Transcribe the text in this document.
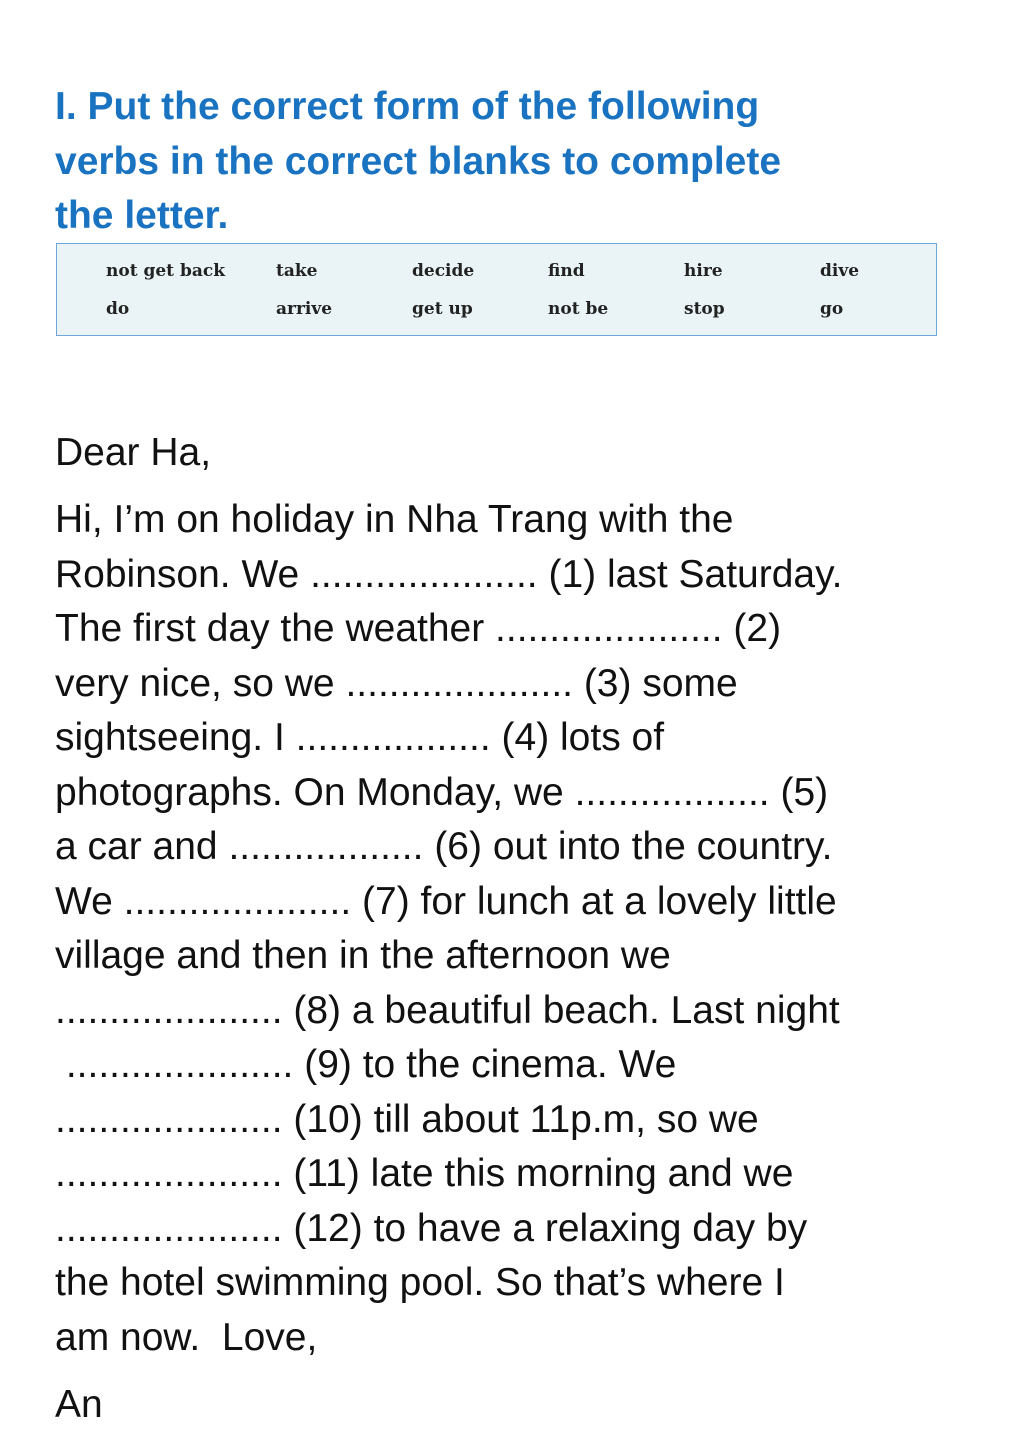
I. Put the correct form of the following
verbs in the correct blanks to complete
the letter.
not get back	take	decide	find	hire	dive
do	arrive	get up	not be	stop	go
Dear Ha,
Hi, I’m on holiday in Nha Trang with the
Robinson. We ..................... (1) last Saturday.
The first day the weather ..................... (2)
very nice, so we ..................... (3) some
sightseeing. I .................. (4) lots of
photographs. On Monday, we .................. (5)
a car and .................. (6) out into the country.
We ..................... (7) for lunch at a lovely little
village and then in the afternoon we
..................... (8) a beautiful beach. Last night
..................... (9) to the cinema. We
..................... (10) till about 11p.m, so we
..................... (11) late this morning and we
..................... (12) to have a relaxing day by
the hotel swimming pool. So that’s where I
am now.  Love,
An
